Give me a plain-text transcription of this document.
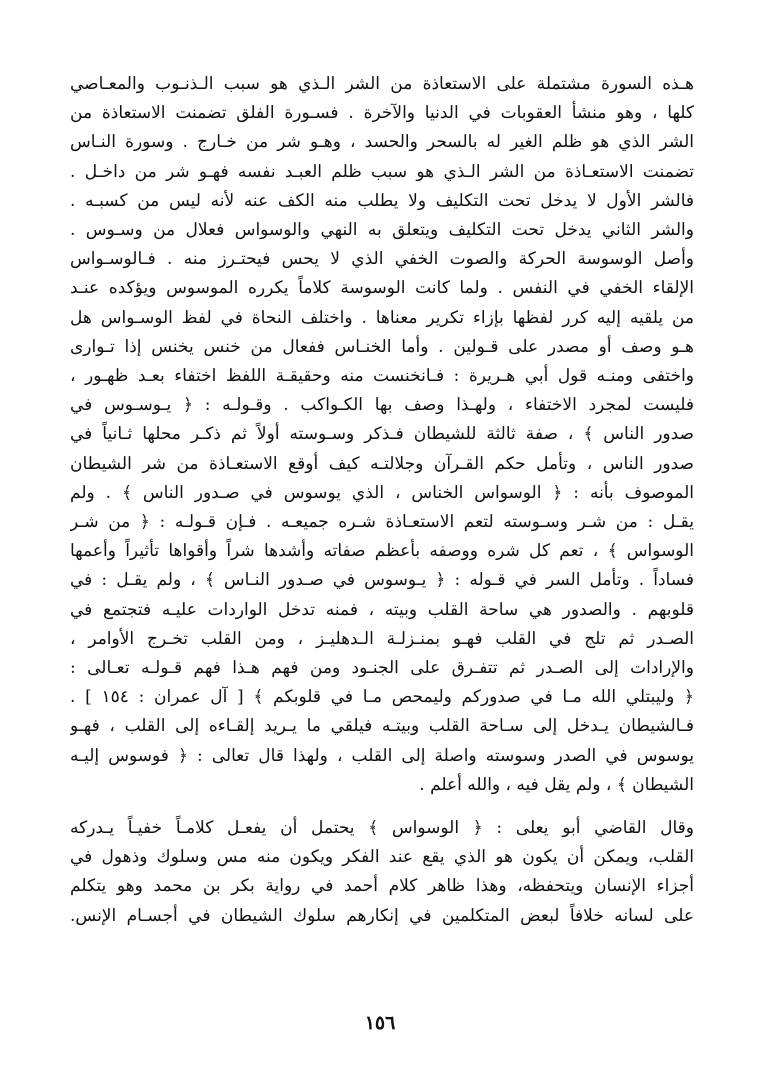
هـذه السورة مشتملة على الاستعاذة من الشر الـذي هو سبب الـذنـوب والمعـاصي
كلها ، وهو منشأ العقوبات في الدنيا والآخرة . فسـورة الفلق تضمنت الاستعاذة من
الشر الذي هو ظلم الغير له بالسحر والحسد ، وهـو شر من خـارج . وسورة النـاس
تضمنت الاستعـاذة من الشر الـذي هو سبب ظلم العبـد نفسه فهـو شر من داخـل .
فالشر الأول لا يدخل تحت التكليف ولا يطلب منه الكف عنه لأنه ليس من كسبـه .
والشر الثاني يدخل تحت التكليف ويتعلق به النهي والوسواس فعلال من وسـوس .
وأصل الوسوسة الحركة والصوت الخفي الذي لا يحس فيحتـرز منه . فـالوسـواس
الإلقاء الخفي في النفس . ولما كانت الوسوسة كلاماً يكرره الموسوس ويؤكده عنـد
من يلقيه إليه كرر لفظها بإزاء تكرير معناها . واختلف النحاة في لفظ الوسـواس هل
هـو وصف أو مصدر على قـولين . وأما الخنـاس ففعال من خنس يخنس إذا تـوارى
واختفى ومنـه قول أبي هـريرة : فـانخنست منه وحقيقـة اللفظ اختفاء بعـد ظهـور ،
فليست لمجرد الاختفاء ، ولهـذا وصف بها الكـواكب . وقـولـه : ﴿ يـوسـوس في
صدور الناس ﴾ ، صفة ثالثة للشيطان فـذكر وسـوسته أولاً ثم ذكـر محلها ثـانياً في
صدور الناس ، وتأمل حكم القـرآن وجلالتـه كيف أوقع الاستعـاذة من شر الشيطان
الموصوف بأنه : ﴿ الوسواس الخناس ، الذي يوسوس في صـدور الناس ﴾ . ولم
يقـل : من شـر وسـوسته لتعم الاستعـاذة شـره جميعـه . فـإن قـولـه : ﴿ من شـر
الوسواس ﴾ ، تعم كل شره ووصفه بأعظم صفاته وأشدها شراً وأقواها تأثيراً وأعمها
فساداً . وتأمل السر في قـوله : ﴿ يـوسوس في صـدور النـاس ﴾ ، ولم يقـل : في
قلوبهم . والصدور هي ساحة القلب وبيته ، فمنه تدخل الواردات عليـه فتجتمع في
الصـدر ثم تلج في القلب فهـو بمنـزلـة الـدهليـز ، ومن القلب تخـرج الأوامر ،
والإرادات إلى الصـدر ثم تتفـرق على الجنـود ومن فهم هـذا فهم قـولـه تعـالى :
﴿ وليبتلي الله مـا في صدوركم وليمحص مـا في قلوبكم ﴾ [ آل عمران : ١٥٤ ] .
فـالشيطان يـدخل إلى سـاحة القلب وبيتـه فيلقي ما يـريد إلقـاءه إلى القلب ، فهـو
يوسوس في الصدر وسوسته واصلة إلى القلب ، ولهذا قال تعالى : ﴿ فوسوس إليـه
الشيطان ﴾ ، ولم يقل فيه ، والله أعلم .

وقال القاضي أبو يعلى : ﴿ الوسواس ﴾ يحتمل أن يفعـل كلامـاً خفيـاً يـدركه
القلب، ويمكن أن يكون هو الذي يقع عند الفكر ويكون منه مس وسلوك وذهول في
أجزاء الإنسان ويتحفظه، وهذا ظاهر كلام أحمد في رواية بكر بن محمد وهو يتكلم
على لسانه خلافاً لبعض المتكلمين في إنكارهم سلوك الشيطان في أجسـام الإنس.

١٥٦
